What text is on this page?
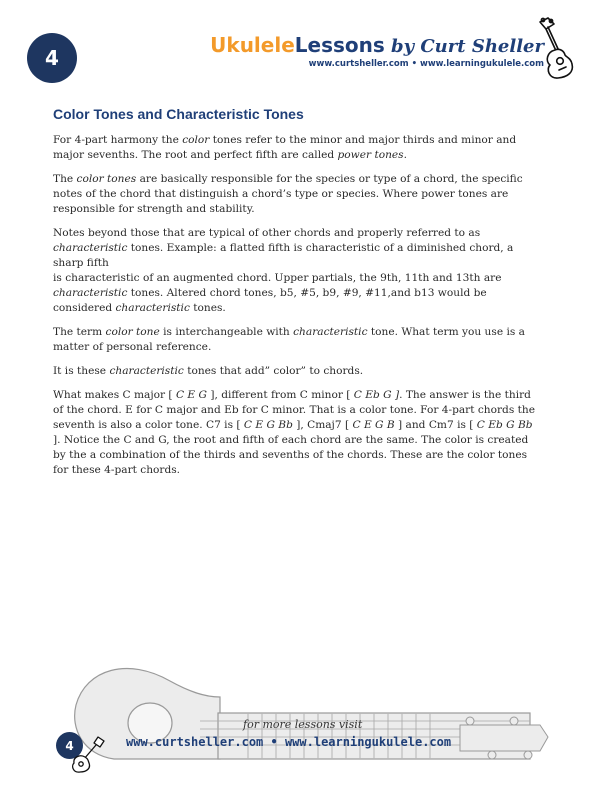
4
UkuleleLessons by Curt Sheller
www.curtsheller.com • www.learningukulele.com
Color Tones and Characteristic Tones

For 4-part harmony the color tones refer to the minor and major thirds and minor and major sevenths. The root and perfect fifth are called power tones.

The color tones are basically responsible for the species or type of a chord, the specific notes of the chord that distinguish a chord’s type or species. Where power tones are responsible for strength and stability.

Notes beyond those that are typical of other chords and properly referred to as characteristic tones. Example: a flatted fifth is characteristic of a diminished chord, a sharp fifth
is characteristic of an augmented chord. Upper partials, the 9th, 11th and 13th are characteristic tones. Altered chord tones, b5, #5, b9, #9, #11,and b13 would be considered characteristic tones.

The term color tone is interchangeable with characteristic tone. What term you use is a matter of personal reference.

It is these characteristic tones that add” color” to chords.

What makes C major [ C E G ], different from C minor [ C Eb G ]. The answer is the third of the chord. E for C major and Eb for C minor. That is a color tone. For 4-part chords the seventh is also a color tone. C7 is [ C E G Bb ], Cmaj7 [ C E G B ] and Cm7 is [ C Eb G Bb ]. Notice the C and G, the root and fifth of each chord are the same. The color is created by the a combination of the thirds and sevenths of the chords. These are the color tones for these 4-part chords.

for more lessons visit
www.curtsheller.com • www.learningukulele.com
4
